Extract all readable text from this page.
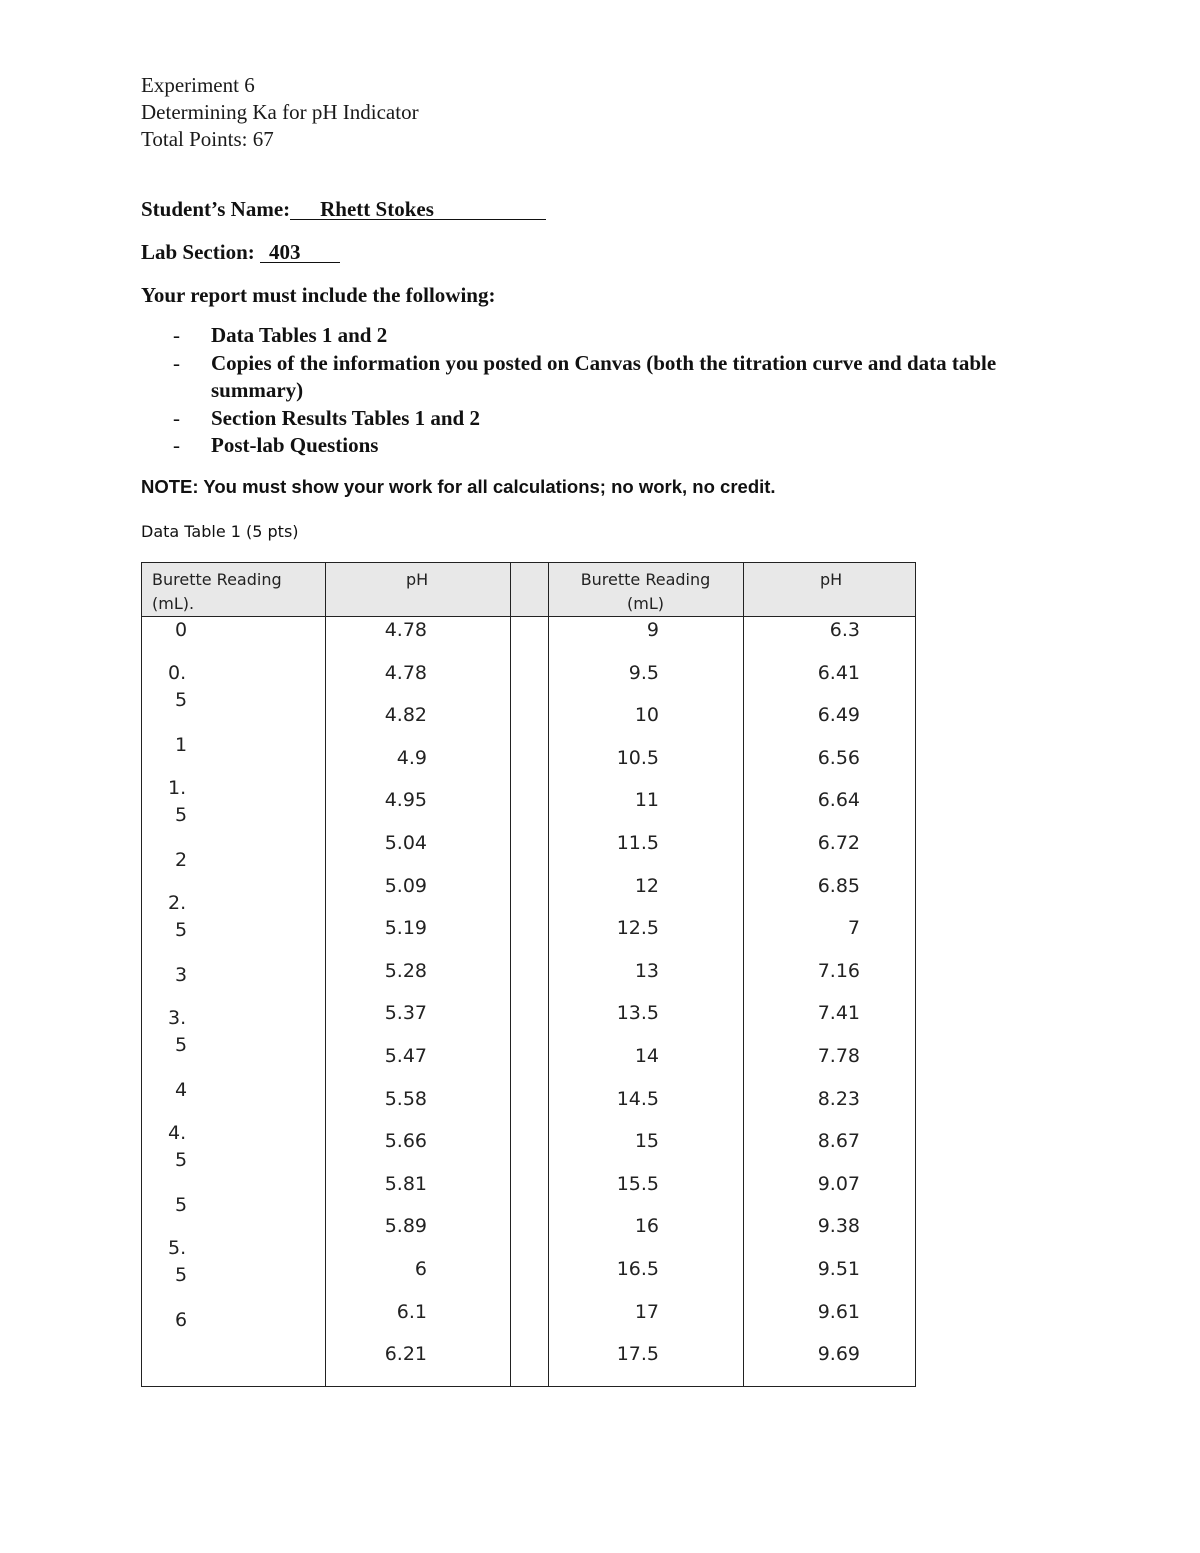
Experiment 6
Determining Ka for pH Indicator
Total Points: 67
Student’s Name: Rhett Stokes
Lab Section: 403
Your report must include the following:
- Data Tables 1 and 2
- Copies of the information you posted on Canvas (both the titration curve and data table summary)
- Section Results Tables 1 and 2
- Post-lab Questions
NOTE: You must show your work for all calculations; no work, no credit.
Data Table 1 (5 pts)
Burette Reading (mL).
pH	Burette Reading (mL)
pH
0
0.
5
1
1.
5
2
2.
5
3
3.
5
4
4.
5
5
5.
5
6
4.78
4.78
4.82
4.9
4.95
5.04
5.09
5.19
5.28
5.37
5.47
5.58
5.66
5.81
5.89
6
6.1
6.21
9
9.5
10
10.5
11
11.5
12
12.5
13
13.5
14
14.5
15
15.5
16
16.5
17
17.5
6.3
6.41
6.49
6.56
6.64
6.72
6.85
7
7.16
7.41
7.78
8.23
8.67
9.07
9.38
9.51
9.61
9.69
